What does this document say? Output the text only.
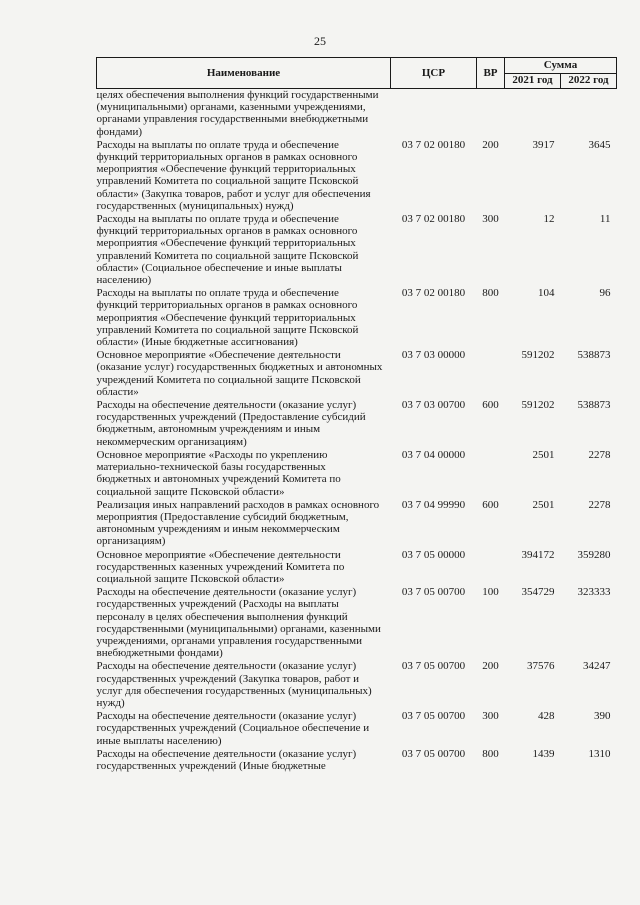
25
Наименование	ЦСР	ВР	Сумма	
			2021 год	2022 год
целях обеспечения выполнения функций государственными (муниципальными) органами, казенными учреждениями, органами управления государственными внебюджетными фондами)				
Расходы на выплаты по оплате труда и обеспечение функций территориальных органов в рамках основного мероприятия «Обеспечение функций территориальных управлений Комитета по социальной защите Псковской области» (Закупка товаров, работ и услуг для обеспечения государственных (муниципальных) нужд)	03 7 02 00180	200	3917	3645
Расходы на выплаты по оплате труда и обеспечение функций территориальных органов в рамках основного мероприятия «Обеспечение функций территориальных управлений Комитета по социальной защите Псковской области» (Социальное обеспечение и иные выплаты населению)	03 7 02 00180	300	12	11
Расходы на выплаты по оплате труда и обеспечение функций территориальных органов в рамках основного мероприятия «Обеспечение функций территориальных управлений Комитета по социальной защите Псковской области» (Иные бюджетные ассигнования)	03 7 02 00180	800	104	96
Основное мероприятие «Обеспечение деятельности (оказание услуг) государственных бюджетных и автономных учреждений Комитета по социальной защите Псковской области»	03 7 03 00000		591202	538873
Расходы на обеспечение деятельности (оказание услуг) государственных учреждений (Предоставление субсидий бюджетным, автономным учреждениям и иным некоммерческим организациям)	03 7 03 00700	600	591202	538873
Основное мероприятие «Расходы по укреплению материально-технической базы государственных бюджетных и автономных учреждений Комитета по социальной защите Псковской области»	03 7 04 00000		2501	2278
Реализация иных направлений расходов в рамках основного мероприятия (Предоставление субсидий бюджетным, автономным учреждениям и иным некоммерческим организациям)	03 7 04 99990	600	2501	2278
Основное мероприятие «Обеспечение деятельности государственных казенных учреждений Комитета по социальной защите Псковской области»	03 7 05 00000		394172	359280
Расходы на обеспечение деятельности (оказание услуг) государственных учреждений (Расходы на выплаты персоналу в целях обеспечения выполнения функций государственными (муниципальными) органами, казенными учреждениями, органами управления государственными внебюджетными фондами)	03 7 05 00700	100	354729	323333
Расходы на обеспечение деятельности (оказание услуг) государственных учреждений (Закупка товаров, работ и услуг для обеспечения государственных (муниципальных) нужд)	03 7 05 00700	200	37576	34247
Расходы на обеспечение деятельности (оказание услуг) государственных учреждений (Социальное обеспечение и иные выплаты населению)	03 7 05 00700	300	428	390
Расходы на обеспечение деятельности (оказание услуг) государственных учреждений (Иные бюджетные	03 7 05 00700	800	1439	1310
